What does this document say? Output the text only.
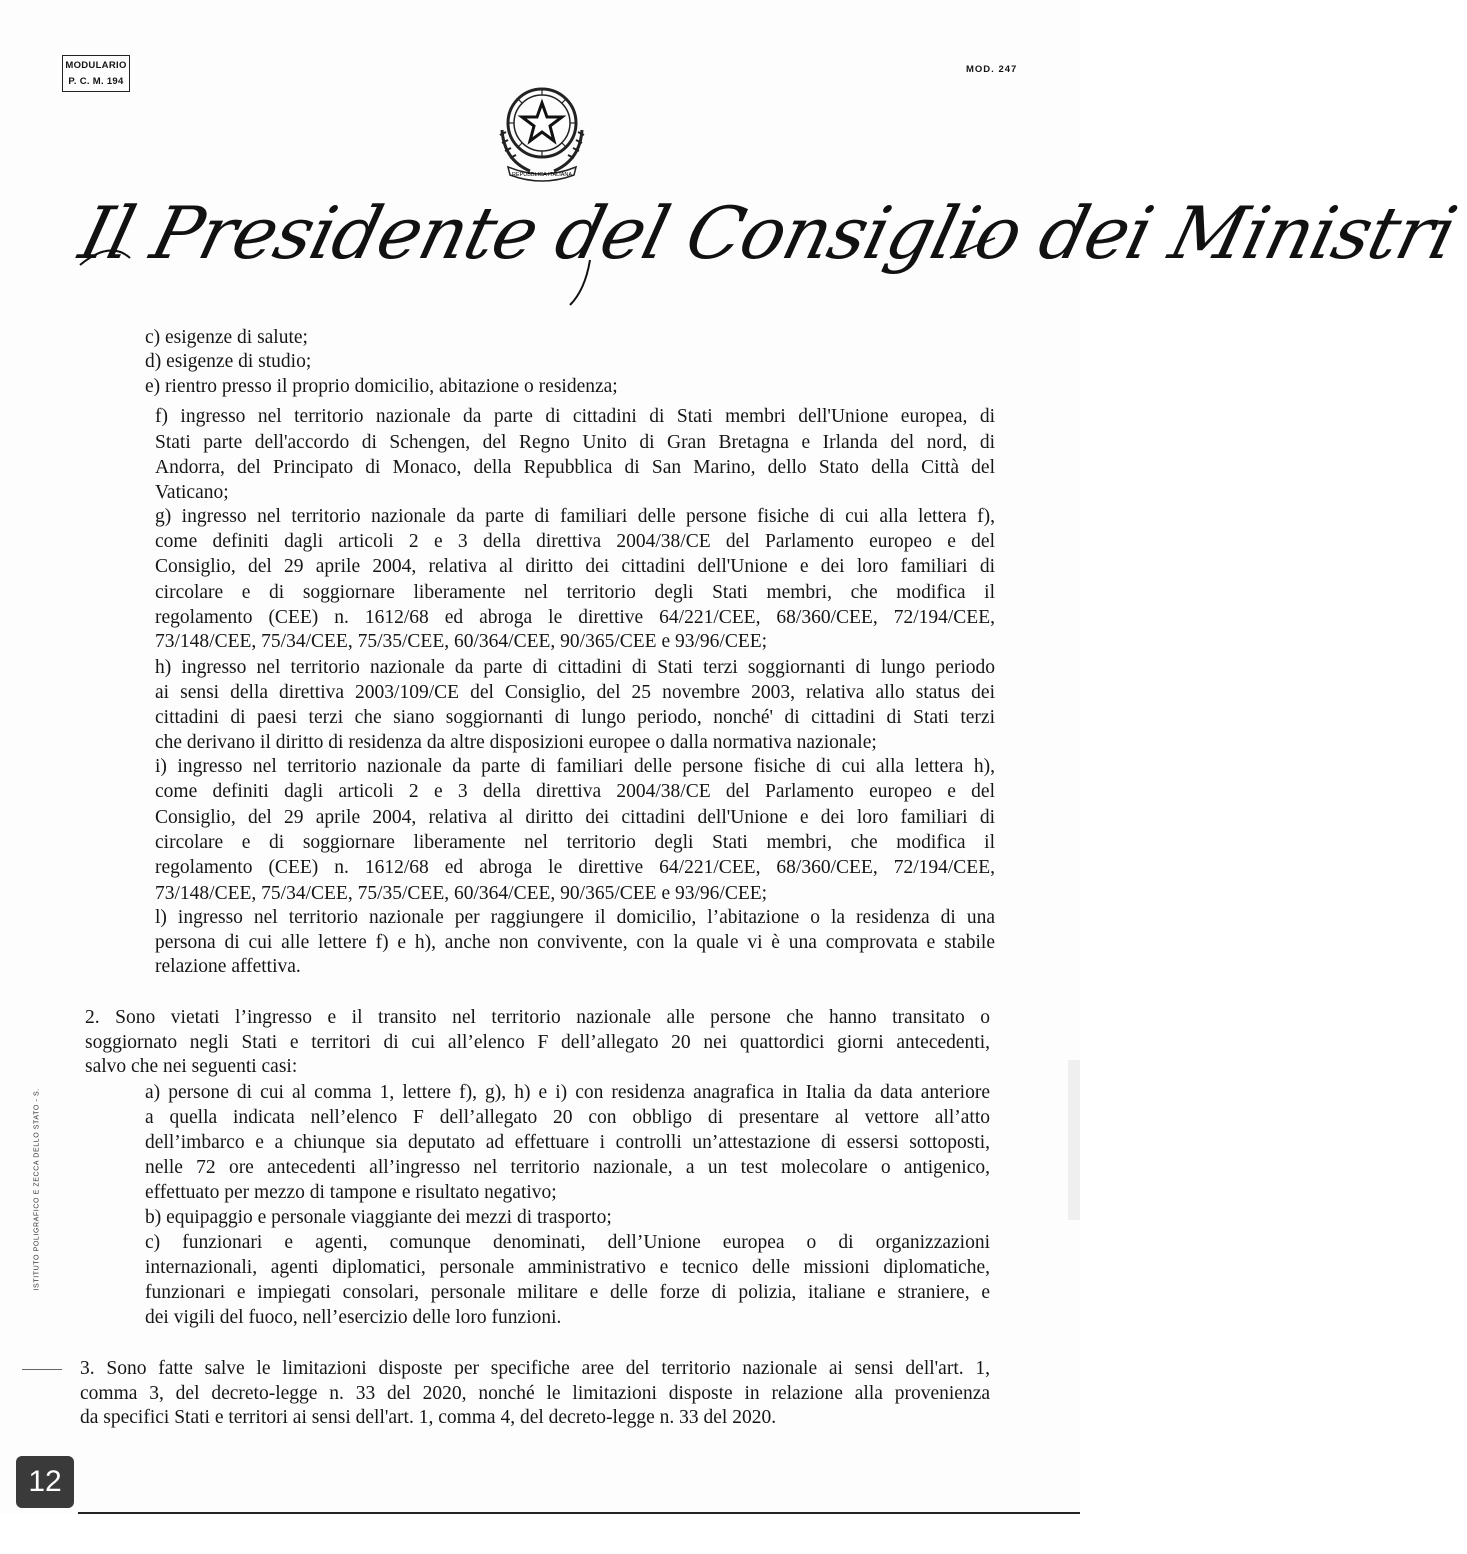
MODULARIO
P. C. M. 194
MOD. 247
REPUBBLICA ITALIANA
Il Presidente del Consiglio dei Ministri
c) esigenze di salute;
d) esigenze di studio;
e) rientro presso il proprio domicilio, abitazione o residenza;
f) ingresso nel territorio nazionale da parte di cittadini di Stati membri dell'Unione europea, di
Stati parte dell'accordo di Schengen, del Regno Unito di Gran Bretagna e Irlanda del nord, di
Andorra, del Principato di Monaco, della Repubblica di San Marino, dello Stato della Città del
Vaticano;
g) ingresso nel territorio nazionale da parte di familiari delle persone fisiche di cui alla lettera f),
come definiti dagli articoli 2 e 3 della direttiva 2004/38/CE del Parlamento europeo e del
Consiglio, del 29 aprile 2004, relativa al diritto dei cittadini dell'Unione e dei loro familiari di
circolare e di soggiornare liberamente nel territorio degli Stati membri, che modifica il
regolamento (CEE) n. 1612/68 ed abroga le direttive 64/221/CEE, 68/360/CEE, 72/194/CEE,
73/148/CEE, 75/34/CEE, 75/35/CEE, 60/364/CEE, 90/365/CEE e 93/96/CEE;
h) ingresso nel territorio nazionale da parte di cittadini di Stati terzi soggiornanti di lungo periodo
ai sensi della direttiva 2003/109/CE del Consiglio, del 25 novembre 2003, relativa allo status dei
cittadini di paesi terzi che siano soggiornanti di lungo periodo, nonché' di cittadini di Stati terzi
che derivano il diritto di residenza da altre disposizioni europee o dalla normativa nazionale;
i) ingresso nel territorio nazionale da parte di familiari delle persone fisiche di cui alla lettera h),
come definiti dagli articoli 2 e 3 della direttiva 2004/38/CE del Parlamento europeo e del
Consiglio, del 29 aprile 2004, relativa al diritto dei cittadini dell'Unione e dei loro familiari di
circolare e di soggiornare liberamente nel territorio degli Stati membri, che modifica il
regolamento (CEE) n. 1612/68 ed abroga le direttive 64/221/CEE, 68/360/CEE, 72/194/CEE,
73/148/CEE, 75/34/CEE, 75/35/CEE, 60/364/CEE, 90/365/CEE e 93/96/CEE;
l) ingresso nel territorio nazionale per raggiungere il domicilio, l’abitazione o la residenza di una
persona di cui alle lettere f) e h), anche non convivente, con la quale vi è una comprovata e stabile
relazione affettiva.
2. Sono vietati l’ingresso e il transito nel territorio nazionale alle persone che hanno transitato o
soggiornato negli Stati e territori di cui all’elenco F dell’allegato 20 nei quattordici giorni antecedenti,
salvo che nei seguenti casi:
a) persone di cui al comma 1, lettere f), g), h) e i) con residenza anagrafica in Italia da data anteriore
a quella indicata nell’elenco F dell’allegato 20 con obbligo di presentare al vettore all’atto
dell’imbarco e a chiunque sia deputato ad effettuare i controlli un’attestazione di essersi sottoposti,
nelle 72 ore antecedenti all’ingresso nel territorio nazionale, a un test molecolare o antigenico,
effettuato per mezzo di tampone e risultato negativo;
b) equipaggio e personale viaggiante dei mezzi di trasporto;
c) funzionari e agenti, comunque denominati, dell’Unione europea o di organizzazioni
internazionali, agenti diplomatici, personale amministrativo e tecnico delle missioni diplomatiche,
funzionari e impiegati consolari, personale militare e delle forze di polizia, italiane e straniere, e
dei vigili del fuoco, nell’esercizio delle loro funzioni.
3. Sono fatte salve le limitazioni disposte per specifiche aree del territorio nazionale ai sensi dell'art. 1,
comma 3, del decreto-legge n. 33 del 2020, nonché le limitazioni disposte in relazione alla provenienza
da specifici Stati e territori ai sensi dell'art. 1, comma 4, del decreto-legge n. 33 del 2020.
ISTITUTO POLIGRAFICO E ZECCA DELLO STATO - S.
12
